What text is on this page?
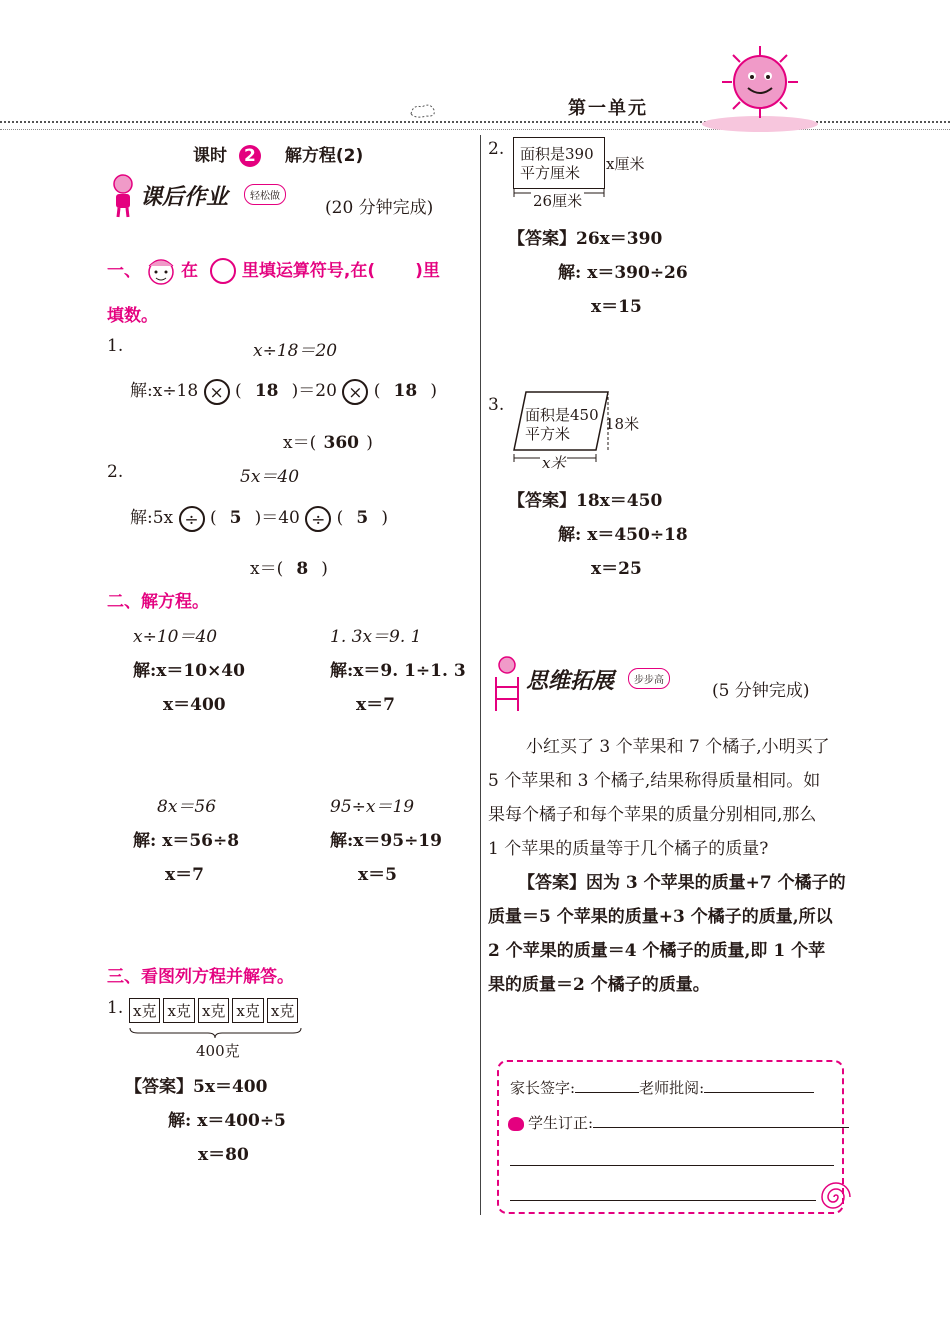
第一单元
课时 2 解方程(2)
课后作业	轻松做
(20 分钟完成)
一、 在	里填运算符号,在( )里
填数。
1.	x÷18＝20
解:x÷18 × ( 18 )＝20 × ( 18 )
x＝( 360 )
2.	5x＝40
解:5x ÷ ( 5 )＝40 ÷ ( 5 )
x＝( 8 )
二、解方程。
x÷10＝40
解:x＝10×40
x＝400
1. 3x＝9. 1
解:x＝9. 1÷1. 3
x＝7
8x＝56
解: x＝56÷8
x＝7
95÷x＝19
解:x＝95÷19
x＝5
三、看图列方程并解答。
1. x克 x克 x克 x克 x克
400克
【答案】5x＝400
解: x＝400÷5
x＝80
2. 面积是390
平方厘米	x厘米
26厘米
【答案】26x＝390
解: x＝390÷26
x＝15
3. 面积是450
平方米
18米
x米
【答案】18x＝450
解: x＝450÷18
x＝25
思维拓展	步步高
(5 分钟完成)
小红买了 3 个苹果和 7 个橘子,小明买了
5 个苹果和 3 个橘子,结果称得质量相同。如
果每个橘子和每个苹果的质量分别相同,那么
1 个苹果的质量等于几个橘子的质量?
【答案】因为 3 个苹果的质量+7 个橘子的
质量＝5 个苹果的质量+3 个橘子的质量,所以
2 个苹果的质量＝4 个橘子的质量,即 1 个苹
果的质量＝2 个橘子的质量。
家长签字:	老师批阅:
学生订正:
